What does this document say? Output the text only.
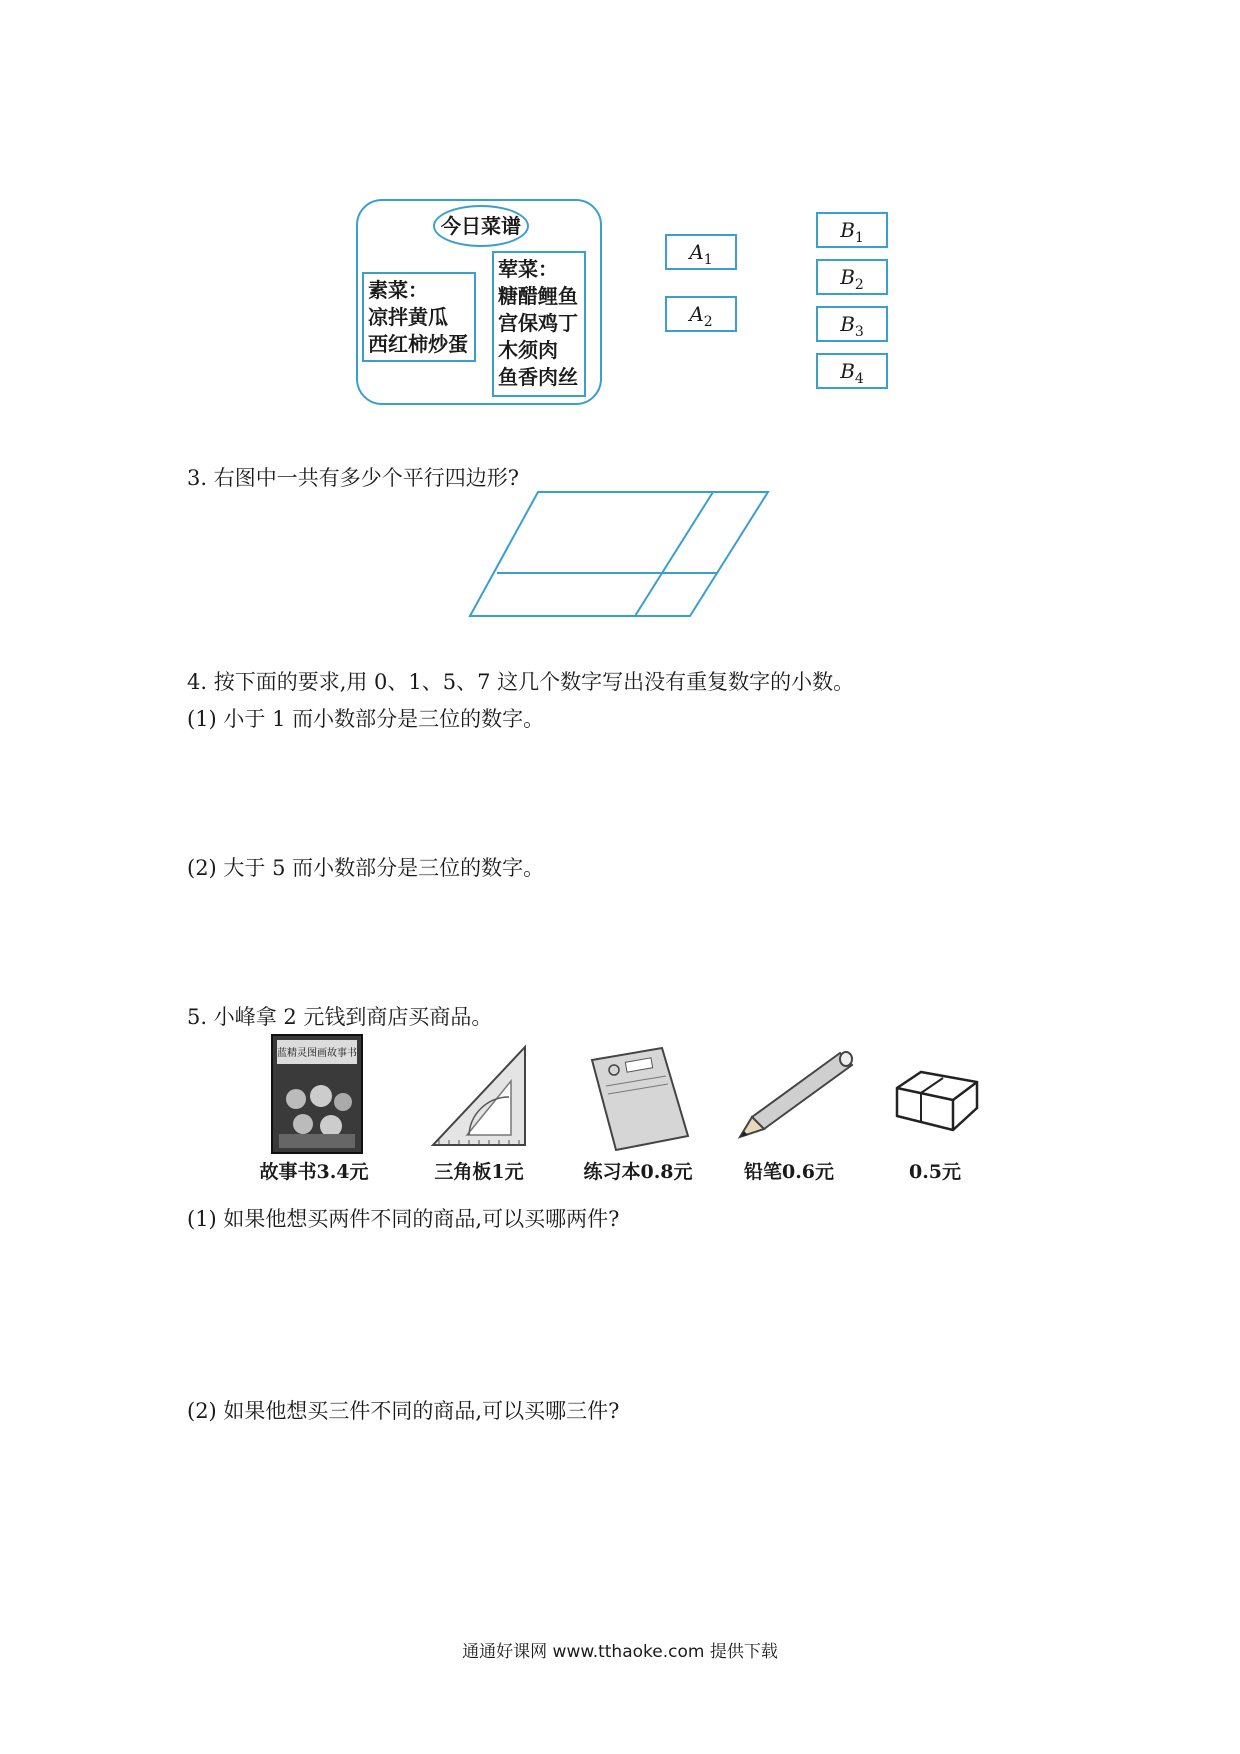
今日菜谱
素菜：
凉拌黄瓜
西红柿炒蛋
荤菜：
糖醋鲤鱼
宫保鸡丁
木须肉
鱼香肉丝
$A_1$
$A_2$
$B_1$
$B_2$
$B_3$
$B_4$
3. 右图中一共有多少个平行四边形?
4. 按下面的要求,用 0、1、5、7 这几个数字写出没有重复数字的小数。
(1) 小于 1 而小数部分是三位的数字。
(2) 大于 5 而小数部分是三位的数字。
5. 小峰拿 2 元钱到商店买商品。
蓝精灵图画故事书
故事书3.4元	三角板1元	练习本0.8元	铅笔0.6元	0.5元
(1) 如果他想买两件不同的商品,可以买哪两件?
(2) 如果他想买三件不同的商品,可以买哪三件?
通通好课网 www.tthaoke.com 提供下载
